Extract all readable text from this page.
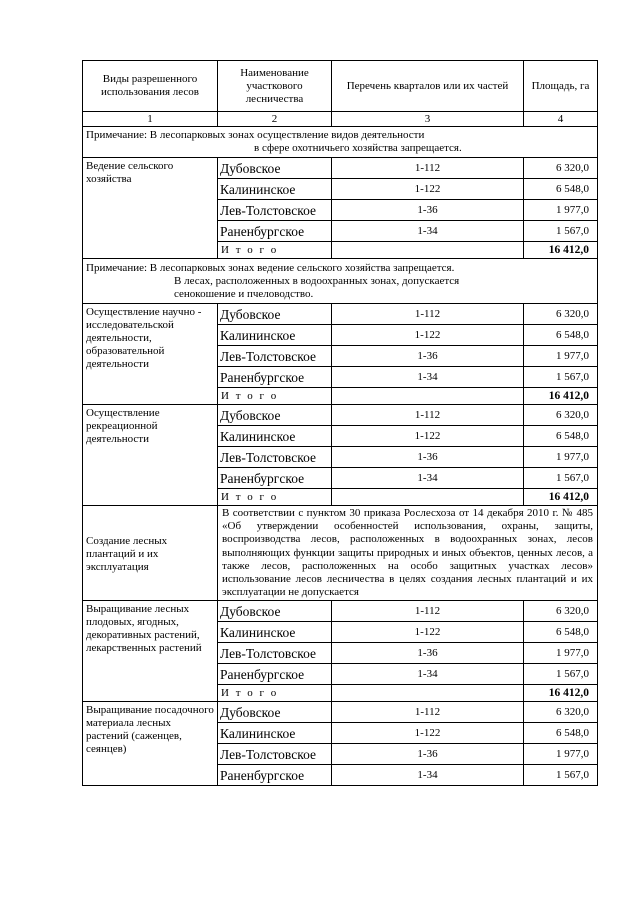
Виды разрешенного использования лесов	Наименование участкового лесничества	Перечень кварталов или их частей	Площадь, га
1	2	3	4

Примечание: В лесопарковых зонах осуществление видов деятельности
в сфере охотничьего хозяйства запрещается.			

Ведение сельского хозяйства	Дубовское	1-112	6 320,0
	Калининское	1-122	6 548,0
	Лев-Толстовское	1-36	1 977,0
	Раненбургское	1-34	1 567,0
	И т о г о		16 412,0

Примечание: В лесопарковых зонах ведение сельского хозяйства запрещается.
В лесах, расположенных в водоохранных зонах, допускается
сенокошение и пчеловодство.			

Осуществление научно - исследовательской деятельности, образовательной деятельности	Дубовское	1-112	6 320,0
	Калининское	1-122	6 548,0
	Лев-Толстовское	1-36	1 977,0
	Раненбургское	1-34	1 567,0
	И т о г о		16 412,0
Осуществление рекреационной деятельности	Дубовское	1-112	6 320,0
	Калининское	1-122	6 548,0
	Лев-Толстовское	1-36	1 977,0
	Раненбургское	1-34	1 567,0
	И т о г о		16 412,0
Создание лесных плантаций и их эксплуатация	В соответствии с пунктом 30 приказа Рослесхоза от 14 декабря 2010 г. № 485 «Об утверждении особенностей использования, охраны, защиты, воспроизводства лесов, расположенных в водоохранных зонах, лесов выполняющих функции защиты природных и иных объектов, ценных лесов, а также лесов, расположенных на особо защитных участках лесов» использование лесов лесничества в целях создания лесных плантаций и их эксплуатации не допускается		
Выращивание лесных плодовых, ягодных, декоративных растений, лекарственных растений	Дубовское	1-112	6 320,0
	Калининское	1-122	6 548,0
	Лев-Толстовское	1-36	1 977,0
	Раненбургское	1-34	1 567,0
	И т о г о		16 412,0
Выращивание посадочного материала лесных растений (саженцев, сеянцев)	Дубовское	1-112	6 320,0
	Калининское	1-122	6 548,0
	Лев-Толстовское	1-36	1 977,0
	Раненбургское	1-34	1 567,0
